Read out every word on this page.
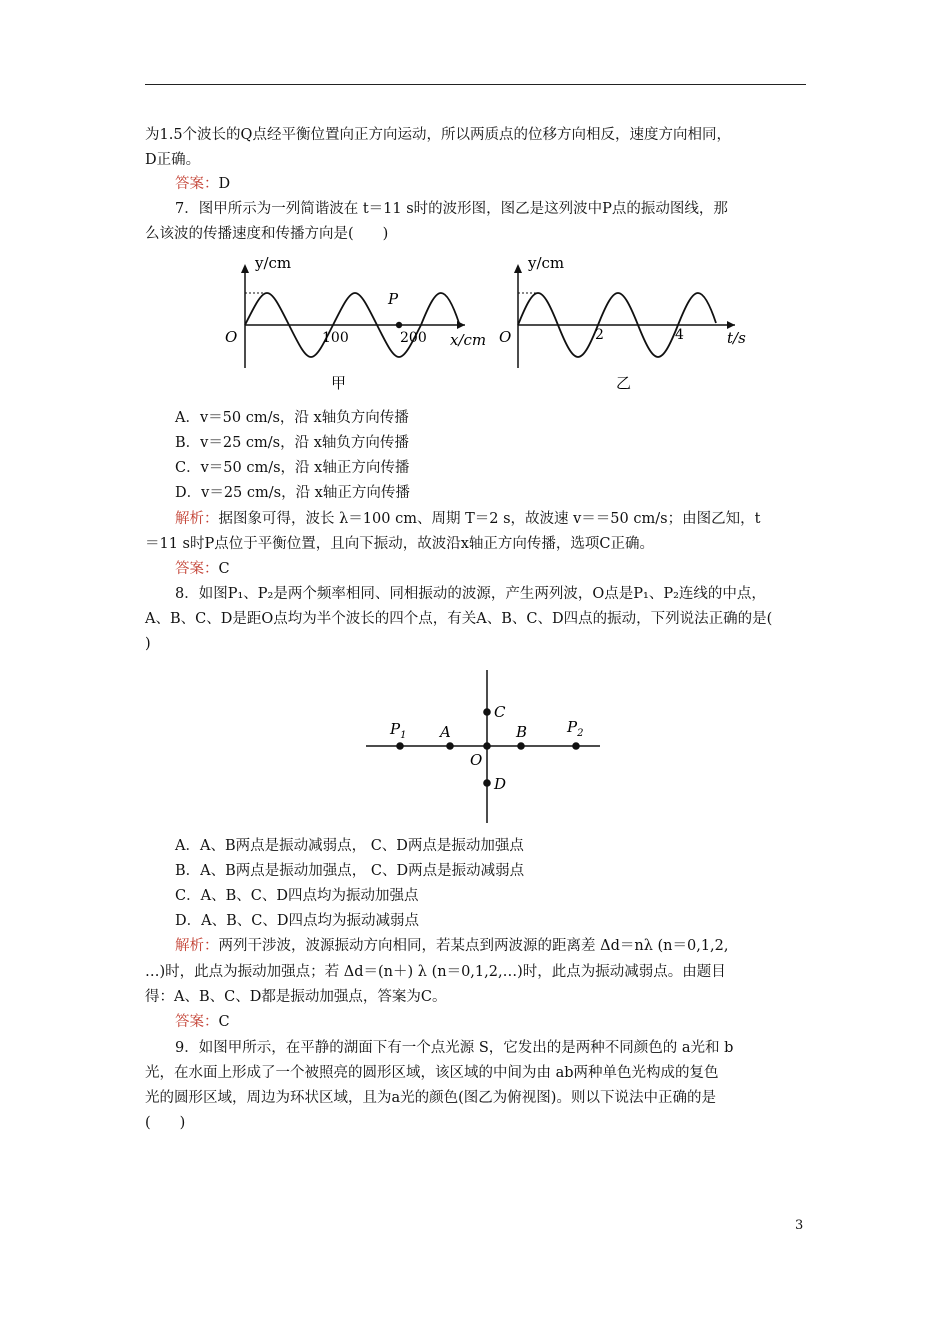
为1.5个波长的Q点经平衡位置向正方向运动，所以两质点的位移方向相反，速度方向相同，
D正确。
答案：D
7．图甲所示为一列简谐波在 t＝11 s时的波形图，图乙是这列波中P点的振动图线，那
么该波的传播速度和传播方向是(　　)
y/cm
O	100	200 x/cm
P
甲
y/cm
O	2	4	t/s
乙
A．v＝50 cm/s，沿 x轴负方向传播
B．v＝25 cm/s，沿 x轴负方向传播
C．v＝50 cm/s，沿 x轴正方向传播
D．v＝25 cm/s，沿 x轴正方向传播
解析：据图象可得，波长 λ＝100 cm、周期 T＝2 s，故波速 v＝＝50 cm/s；由图乙知，t
＝11 s时P点位于平衡位置，且向下振动，故波沿x轴正方向传播，选项C正确。
答案：C
8．如图P₁、P₂是两个频率相同、同相振动的波源，产生两列波，O点是P₁、P₂连线的中点，
A、B、C、D是距O点均为半个波长的四个点，有关A、B、C、D四点的振动，下列说法正确的是(
)
$P_1$ A
O
B	$P_2$
C
D
A．A、B两点是振动减弱点， C、D两点是振动加强点
B．A、B两点是振动加强点， C、D两点是振动减弱点
C．A、B、C、D四点均为振动加强点
D．A、B、C、D四点均为振动减弱点
解析：两列干涉波，波源振动方向相同，若某点到两波源的距离差 Δd＝nλ (n＝0,1,2,
…)时，此点为振动加强点；若 Δd＝(n＋) λ (n＝0,1,2,…)时，此点为振动减弱点。由题目
得：A、B、C、D都是振动加强点，答案为C。
答案：C
9．如图甲所示，在平静的湖面下有一个点光源 S，它发出的是两种不同颜色的 a光和 b
光，在水面上形成了一个被照亮的圆形区域，该区域的中间为由 ab两种单色光构成的复色
光的圆形区域，周边为环状区域，且为a光的颜色(图乙为俯视图)。则以下说法中正确的是
(　　)
3
